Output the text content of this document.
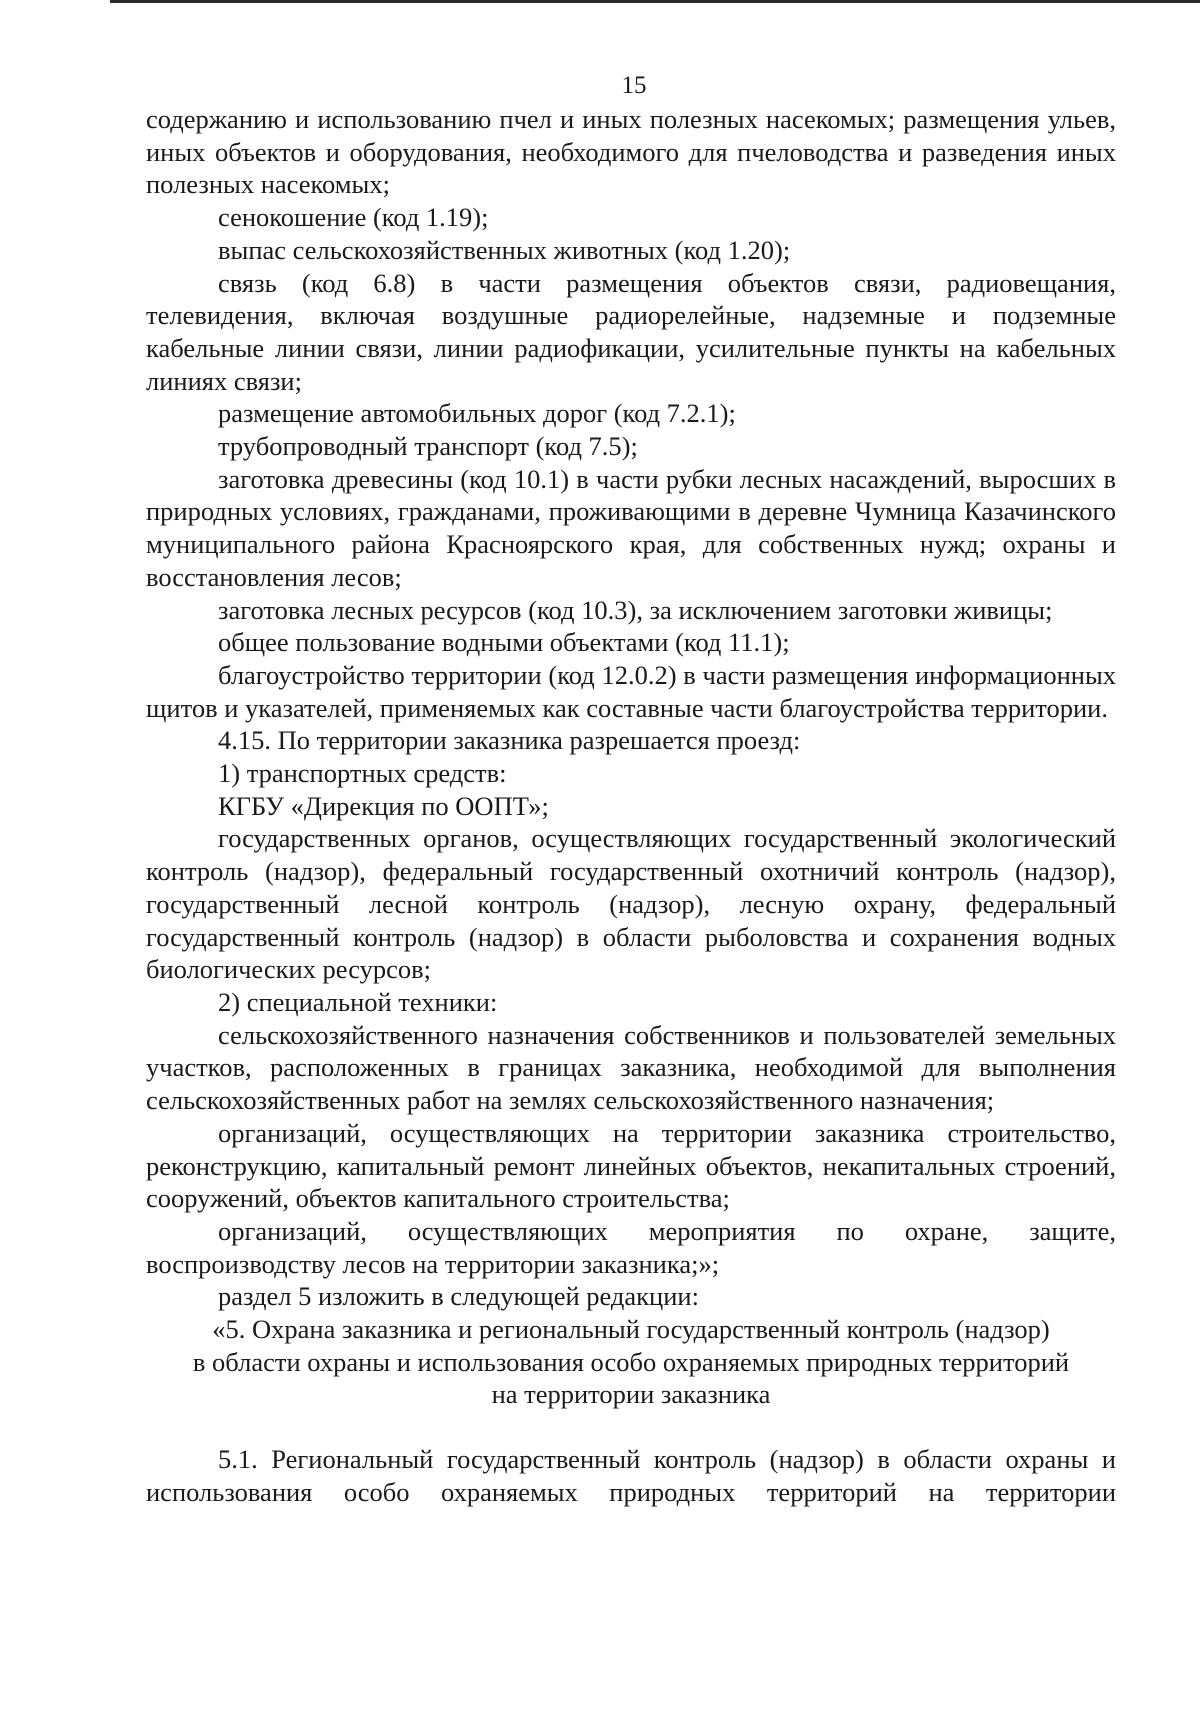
15

содержанию и использованию пчел и иных полезных насекомых; размещения ульев, иных объектов и оборудования, необходимого для пчеловодства и разведения иных полезных насекомых;

сенокошение (код 1.19);

выпас сельскохозяйственных животных (код 1.20);

связь (код 6.8) в части размещения объектов связи, радиовещания, телевидения, включая воздушные радиорелейные, надземные и подземные кабельные линии связи, линии радиофикации, усилительные пункты на кабельных линиях связи;

размещение автомобильных дорог (код 7.2.1);

трубопроводный транспорт (код 7.5);

заготовка древесины (код 10.1) в части рубки лесных насаждений, выросших в природных условиях, гражданами, проживающими в деревне Чумница Казачинского муниципального района Красноярского края, для собственных нужд; охраны и восстановления лесов;

заготовка лесных ресурсов (код 10.3), за исключением заготовки живицы;

общее пользование водными объектами (код 11.1);

благоустройство территории (код 12.0.2) в части размещения информационных щитов и указателей, применяемых как составные части благоустройства территории.

4.15. По территории заказника разрешается проезд:

1) транспортных средств:

КГБУ «Дирекция по ООПТ»;

государственных органов, осуществляющих государственный экологический контроль (надзор), федеральный государственный охотничий контроль (надзор), государственный лесной контроль (надзор), лесную охрану, федеральный государственный контроль (надзор) в области рыболовства и сохранения водных биологических ресурсов;

2) специальной техники:

сельскохозяйственного назначения собственников и пользователей земельных участков, расположенных в границах заказника, необходимой для выполнения сельскохозяйственных работ на землях сельскохозяйственного назначения;

организаций, осуществляющих на территории заказника строительство, реконструкцию, капитальный ремонт линейных объектов, некапитальных строений, сооружений, объектов капитального строительства;

организаций, осуществляющих мероприятия по охране, защите, воспроизводству лесов на территории заказника;»;

раздел 5 изложить в следующей редакции:

«5. Охрана заказника и региональный государственный контроль (надзор)

в области охраны и использования особо охраняемых природных территорий

на территории заказника

5.1. Региональный государственный контроль (надзор) в области охраны и использования особо охраняемых природных территорий на территории
